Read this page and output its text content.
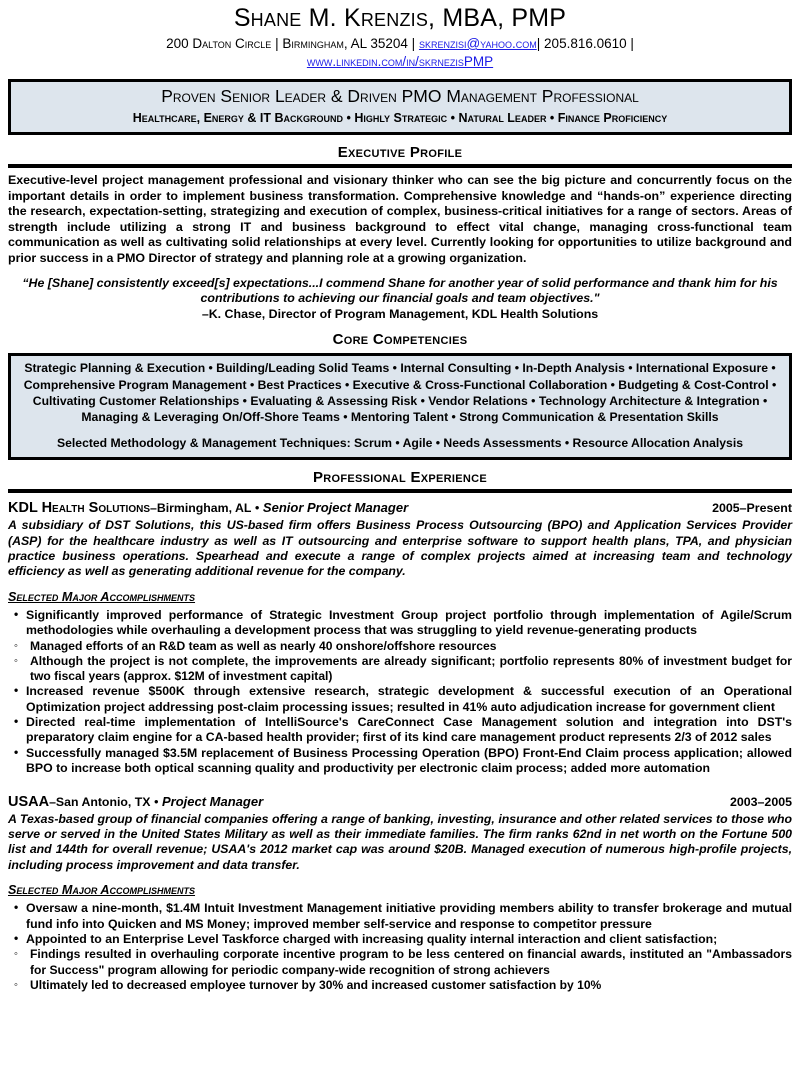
Shane M. Krenzis, MBA, PMP
200 Dalton Circle | Birmingham, AL 35204 | skrenzisi@yahoo.com| 205.816.0610 |
www.linkedin.com/in/skrnezisPMP
Proven Senior Leader & Driven PMO Management Professional
Healthcare, Energy & IT Background • Highly Strategic • Natural Leader • Finance Proficiency
Executive Profile
Executive-level project management professional and visionary thinker who can see the big picture and concurrently focus on the important details in order to implement business transformation. Comprehensive knowledge and “hands-on” experience directing the research, expectation-setting, strategizing and execution of complex, business-critical initiatives for a range of sectors. Areas of strength include utilizing a strong IT and business background to effect vital change, managing cross-functional team communication as well as cultivating solid relationships at every level. Currently looking for opportunities to utilize background and prior success in a PMO Director of strategy and planning role at a growing organization.
“He [Shane] consistently exceed[s] expectations...I commend Shane for another year of solid performance and thank him for his contributions to achieving our financial goals and team objectives."
–K. Chase, Director of Program Management, KDL Health Solutions
Core Competencies
Strategic Planning & Execution • Building/Leading Solid Teams • Internal Consulting • In-Depth Analysis • International Exposure • Comprehensive Program Management • Best Practices • Executive & Cross-Functional Collaboration • Budgeting & Cost-Control • Cultivating Customer Relationships • Evaluating & Assessing Risk • Vendor Relations • Technology Architecture & Integration • Managing & Leveraging On/Off-Shore Teams • Mentoring Talent • Strong Communication & Presentation Skills
Selected Methodology & Management Techniques: Scrum • Agile • Needs Assessments • Resource Allocation Analysis
Professional Experience
KDL Health Solutions–Birmingham, AL • Senior Project Manager	2005–Present
A subsidiary of DST Solutions, this US-based firm offers Business Process Outsourcing (BPO) and Application Services Provider (ASP) for the healthcare industry as well as IT outsourcing and enterprise software to support health plans, TPA, and physician practice business operations. Spearhead and execute a range of complex projects aimed at increasing team and technology efficiency as well as generating additional revenue for the company.
Selected Major Accomplishments
• Significantly improved performance of Strategic Investment Group project portfolio through implementation of Agile/Scrum methodologies while overhauling a development process that was struggling to yield revenue-generating products
◦ Managed efforts of an R&D team as well as nearly 40 onshore/offshore resources
◦ Although the project is not complete, the improvements are already significant; portfolio represents 80% of investment budget for two fiscal years (approx. $12M of investment capital)
• Increased revenue $500K through extensive research, strategic development & successful execution of an Operational Optimization project addressing post-claim processing issues; resulted in 41% auto adjudication increase for government client
• Directed real-time implementation of IntelliSource's CareConnect Case Management solution and integration into DST's preparatory claim engine for a CA-based health provider; first of its kind care management product represents 2/3 of 2012 sales
• Successfully managed $3.5M replacement of Business Processing Operation (BPO) Front-End Claim process application; allowed BPO to increase both optical scanning quality and productivity per electronic claim process; added more automation
USAA–San Antonio, TX • Project Manager	2003–2005
A Texas-based group of financial companies offering a range of banking, investing, insurance and other related services to those who serve or served in the United States Military as well as their immediate families. The firm ranks 62nd in net worth on the Fortune 500 list and 144th for overall revenue; USAA's 2012 market cap was around $20B. Managed execution of numerous high-profile projects, including process improvement and data transfer.
Selected Major Accomplishments
• Oversaw a nine-month, $1.4M Intuit Investment Management initiative providing members ability to transfer brokerage and mutual fund info into Quicken and MS Money; improved member self-service and response to competitor pressure
• Appointed to an Enterprise Level Taskforce charged with increasing quality internal interaction and client satisfaction;
◦ Findings resulted in overhauling corporate incentive program to be less centered on financial awards, instituted an "Ambassadors for Success" program allowing for periodic company-wide recognition of strong achievers
◦ Ultimately led to decreased employee turnover by 30% and increased customer satisfaction by 10%
